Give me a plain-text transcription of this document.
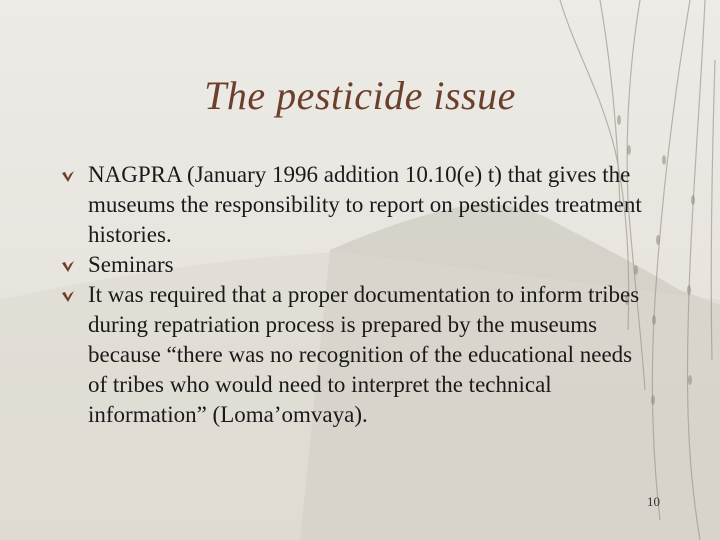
The pesticide issue
NAGPRA (January 1996 addition 10.10(e) t) that gives the museums the responsibility to report on pesticides treatment histories.
Seminars
It was required that a proper documentation to inform tribes during repatriation process is prepared by the museums because “there was no recognition of the educational needs of tribes who would need to interpret the technical information” (Loma’omvaya).
10
